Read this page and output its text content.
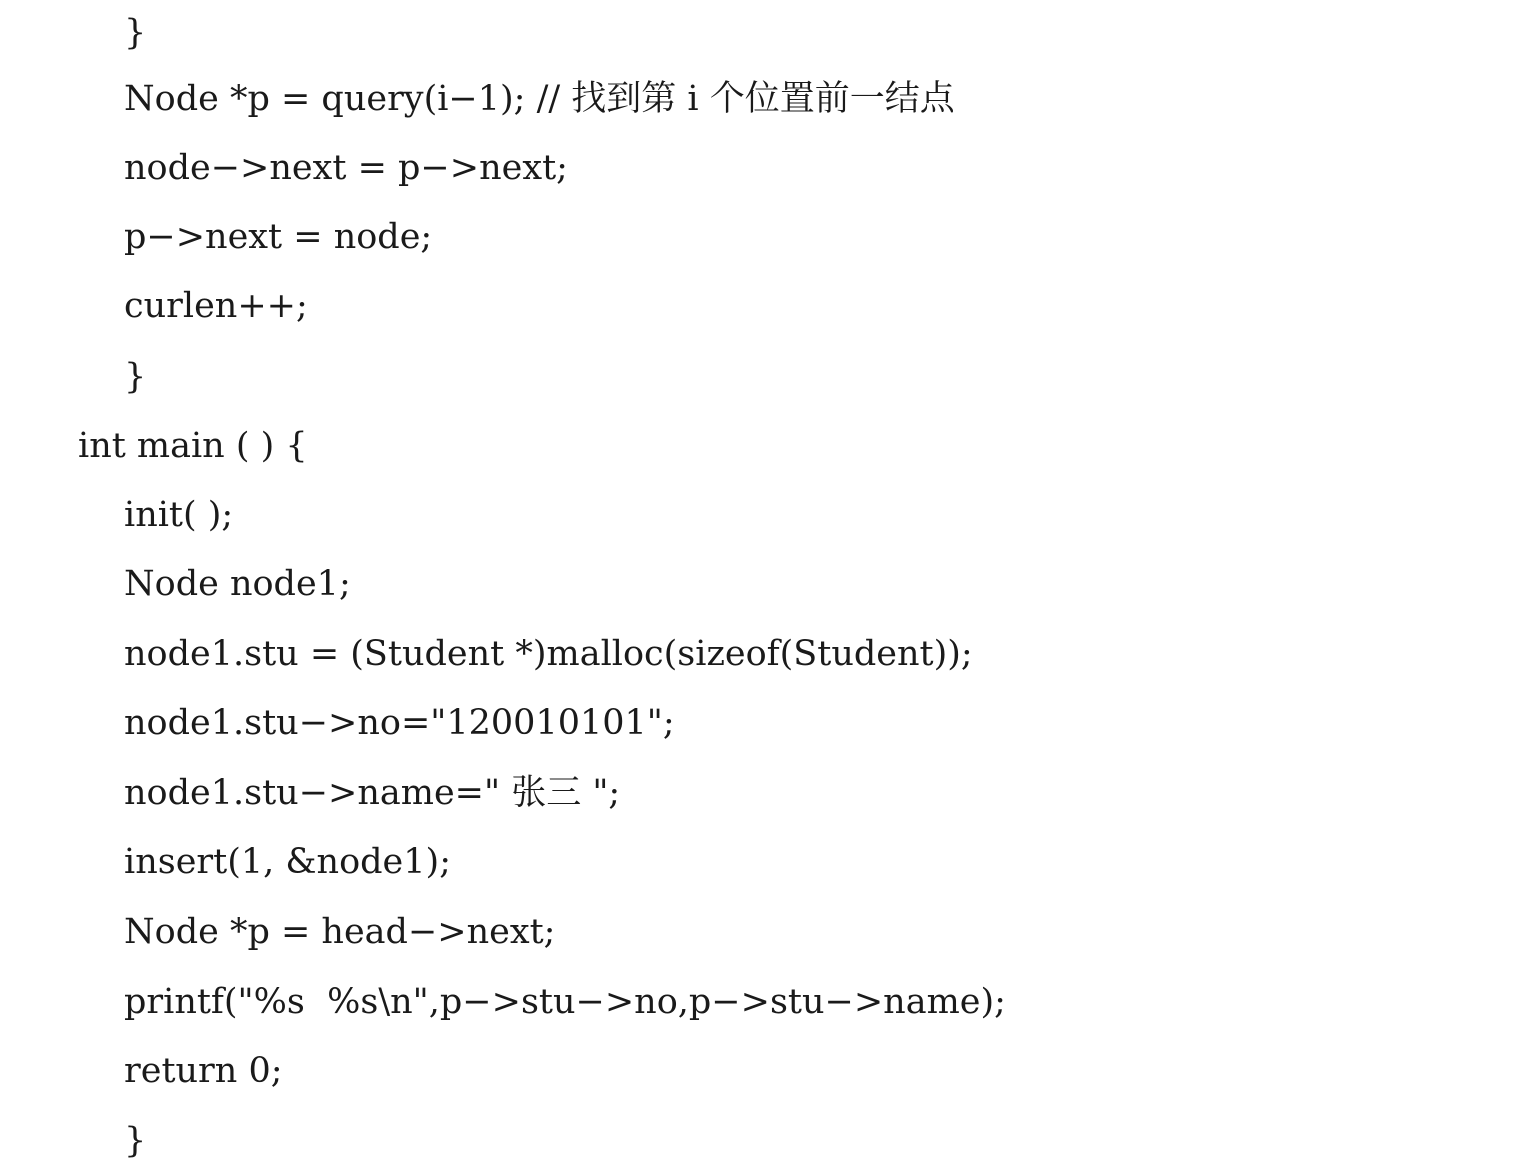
}
Node *p = query(i−1); // 找到第 i 个位置前一结点
node−>next = p−>next;
p−>next = node;
curlen++;
}
int main ( ) {
init( );
Node node1;
node1.stu = (Student *)malloc(sizeof(Student));
node1.stu−>no="120010101";
node1.stu−>name=" 张三 ";
insert(1, &node1);
Node *p = head−>next;
printf("%s  %s\n",p−>stu−>no,p−>stu−>name);
return 0;
}
